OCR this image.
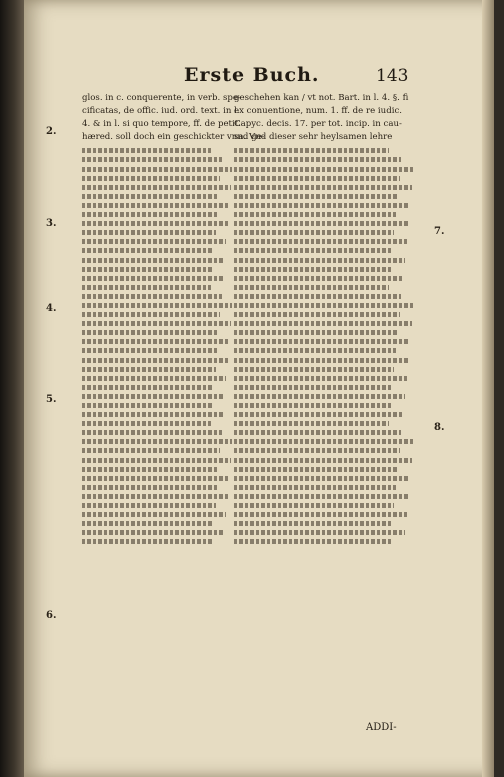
Erste Buch.	143
2.
3.
4.
5.
6.
7.
8.
glos. in c. conquerente, in verb. spe-
cificatas, de offic. iud. ord. text. in l.
4. & in l. si quo tempore, ff. de petit.
hæred. soll doch ein geschickter vnnd ge-
geschehen kan / vt not. Bart. in l. 4. §. fi
ex conuentione, num. 1. ff. de re iudic.
Capyc. decis. 17. per tot. incip. in cau-
sa. Vnd dieser sehr heylsamen lehre
ADDI-
